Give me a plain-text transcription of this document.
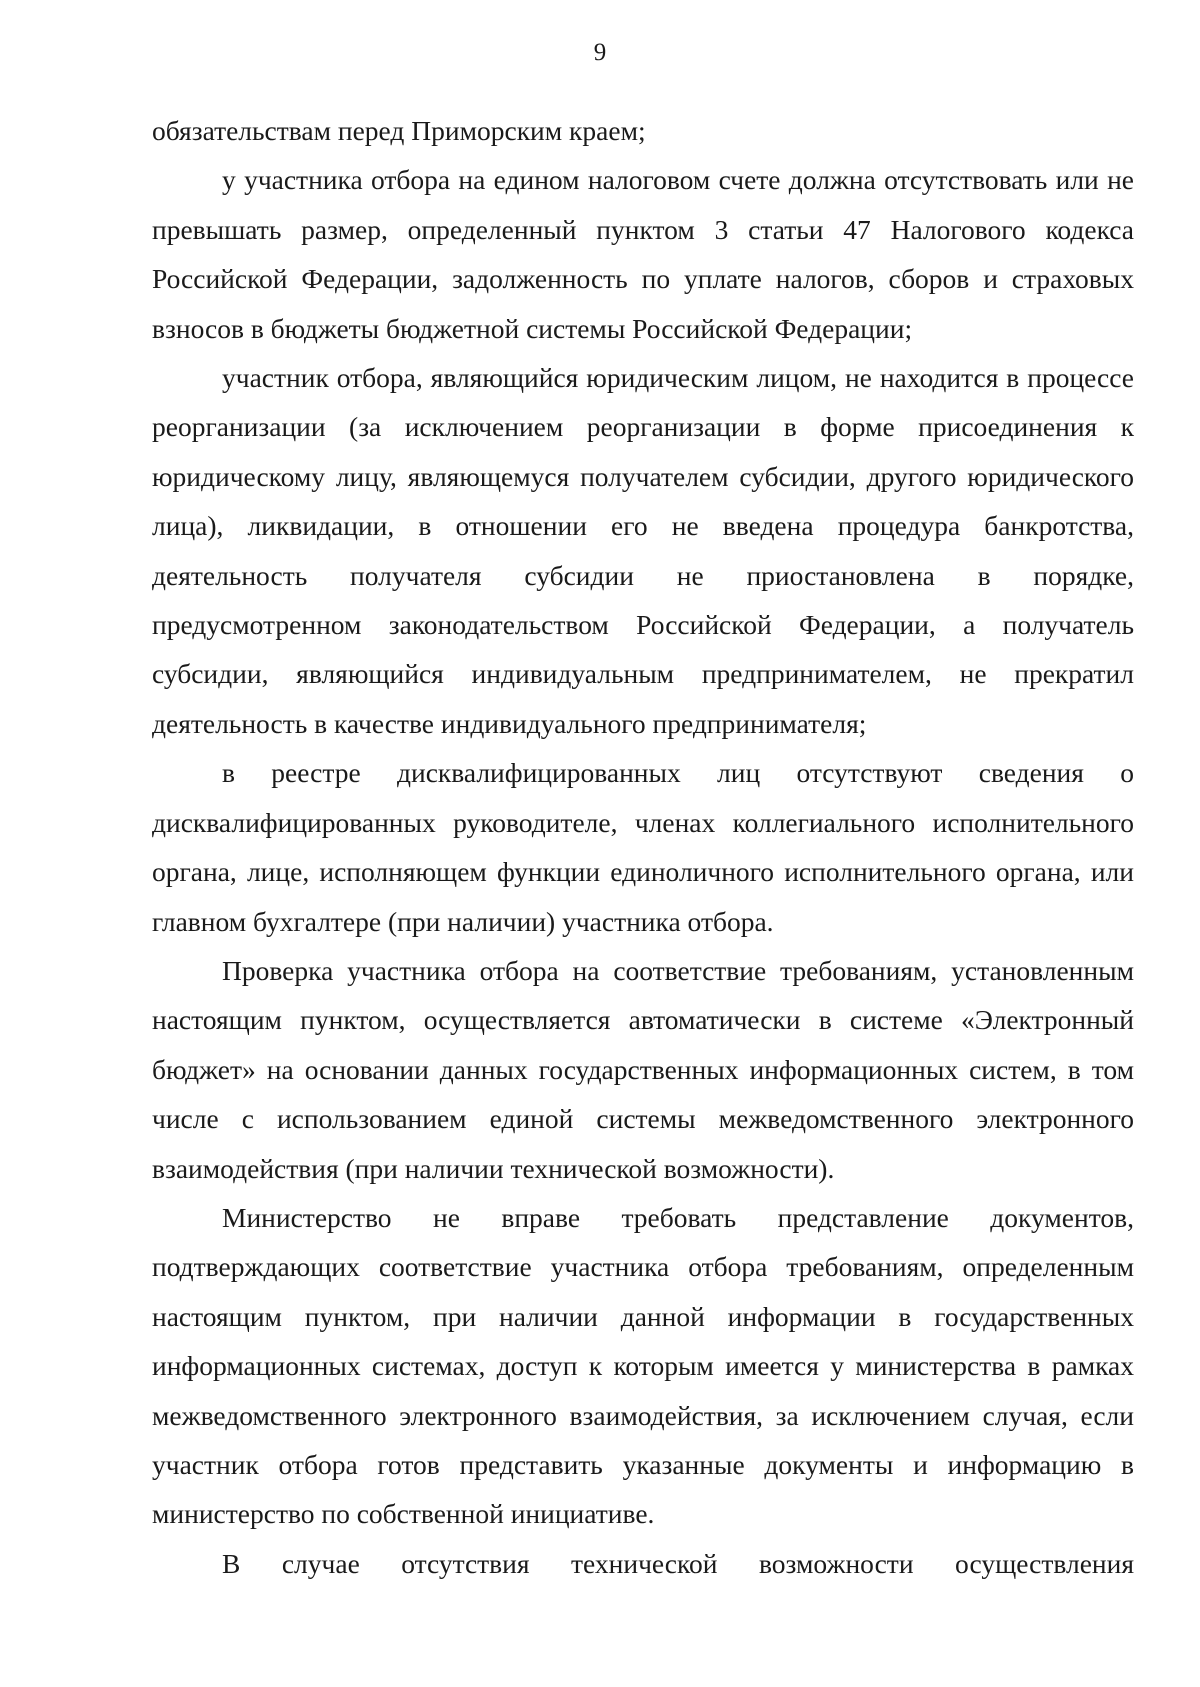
9

обязательствам перед Приморским краем;

у участника отбора на едином налоговом счете должна отсутствовать или не превышать размер, определенный пунктом 3 статьи 47 Налогового кодекса Российской Федерации, задолженность по уплате налогов, сборов и страховых взносов в бюджеты бюджетной системы Российской Федерации;

участник отбора, являющийся юридическим лицом, не находится в процессе реорганизации (за исключением реорганизации в форме присоединения к юридическому лицу, являющемуся получателем субсидии, другого юридического лица), ликвидации, в отношении его не введена процедура банкротства, деятельность получателя субсидии не приостановлена в порядке, предусмотренном законодательством Российской Федерации, а получатель субсидии, являющийся индивидуальным предпринимателем, не прекратил деятельность в качестве индивидуального предпринимателя;

в реестре дисквалифицированных лиц отсутствуют сведения о дисквалифицированных руководителе, членах коллегиального исполнительного органа, лице, исполняющем функции единоличного исполнительного органа, или главном бухгалтере (при наличии) участника отбора.

Проверка участника отбора на соответствие требованиям, установленным настоящим пунктом, осуществляется автоматически в системе «Электронный бюджет» на основании данных государственных информационных систем, в том числе с использованием единой системы межведомственного электронного взаимодействия (при наличии технической возможности).

Министерство не вправе требовать представление документов, подтверждающих соответствие участника отбора требованиям, определенным настоящим пунктом, при наличии данной информации в государственных информационных системах, доступ к которым имеется у министерства в рамках межведомственного электронного взаимодействия, за исключением случая, если участник отбора готов представить указанные документы и информацию в министерство по собственной инициативе.

В случае отсутствия технической возможности осуществления
